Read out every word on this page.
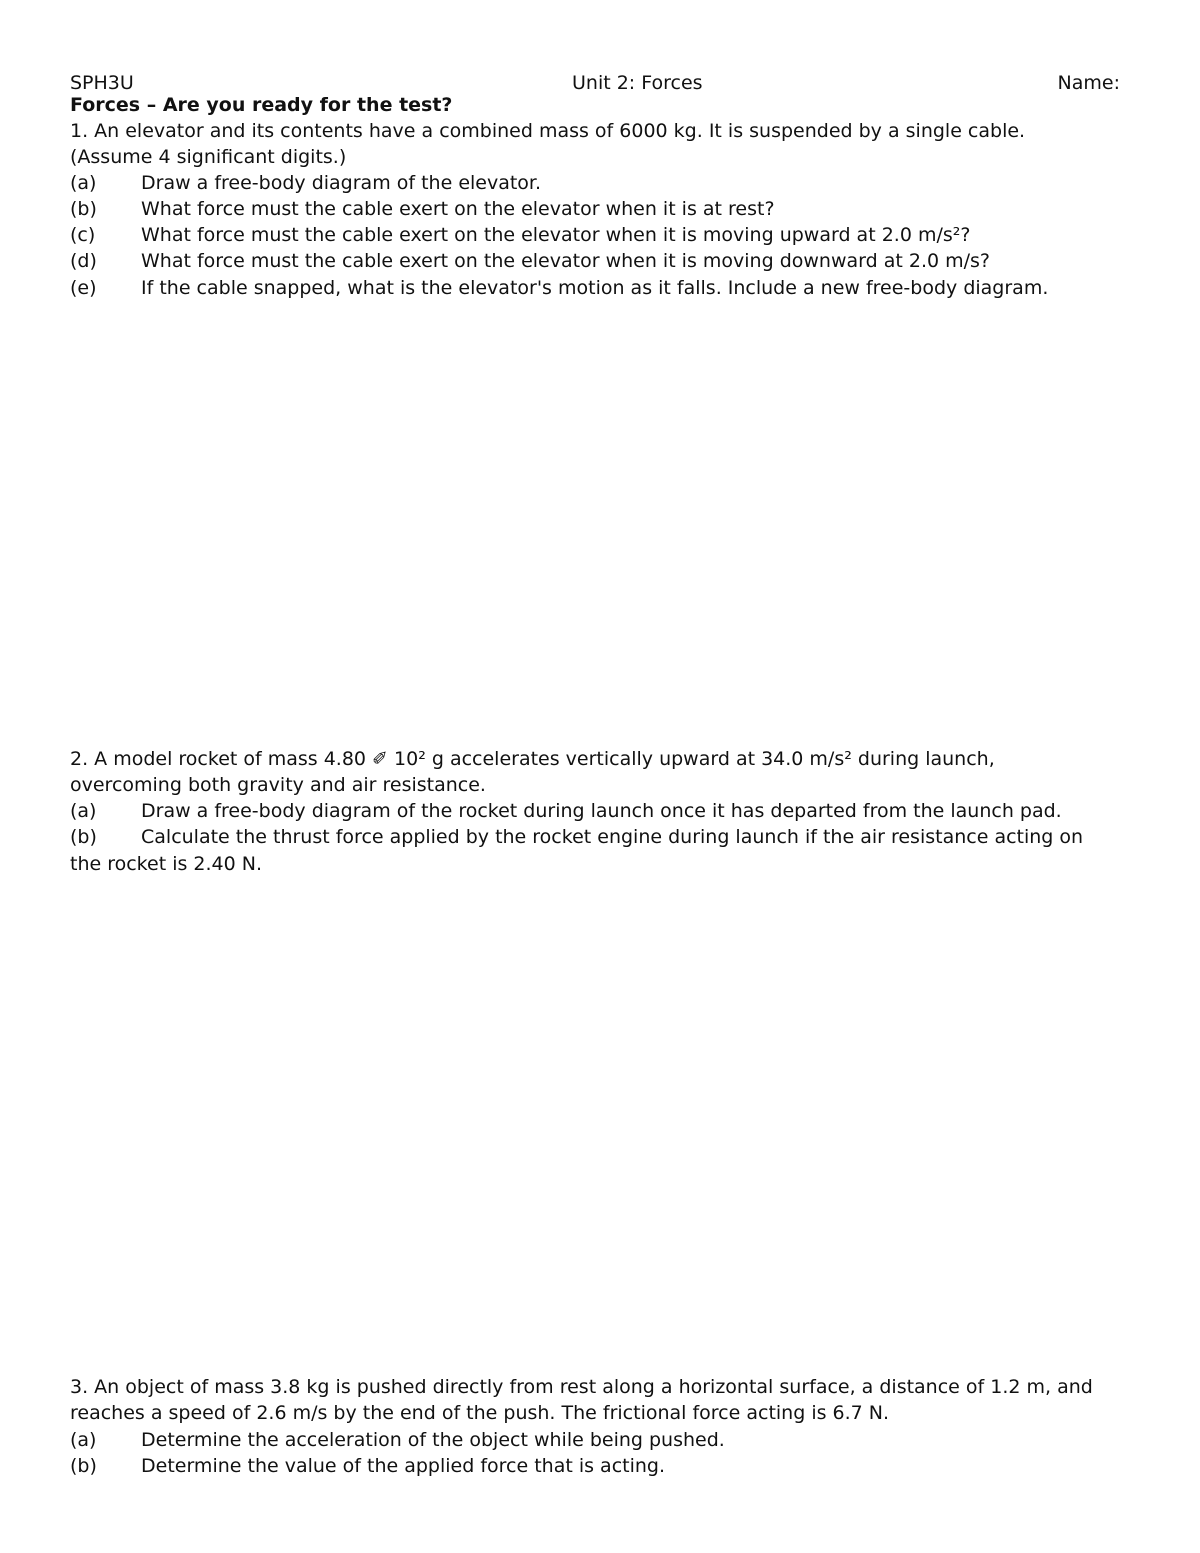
SPH3U	Unit 2: Forces	Name:
Forces – Are you ready for the test?
1. An elevator and its contents have a combined mass of 6000 kg. It is suspended by a single cable.
(Assume 4 significant digits.)
(a) Draw a free-body diagram of the elevator.
(b) What force must the cable exert on the elevator when it is at rest?
(c) What force must the cable exert on the elevator when it is moving upward at 2.0 m/s²?
(d) What force must the cable exert on the elevator when it is moving downward at 2.0 m/s?
(e) If the cable snapped, what is the elevator's motion as it falls. Include a new free-body diagram.
2. A model rocket of mass 4.80 ✐ 10² g accelerates vertically upward at 34.0 m/s² during launch,
overcoming both gravity and air resistance.
(a) Draw a free-body diagram of the rocket during launch once it has departed from the launch pad.
(b) Calculate the thrust force applied by the rocket engine during launch if the air resistance acting on
the rocket is 2.40 N.
3. An object of mass 3.8 kg is pushed directly from rest along a horizontal surface, a distance of 1.2 m, and
reaches a speed of 2.6 m/s by the end of the push. The frictional force acting is 6.7 N.
(a) Determine the acceleration of the object while being pushed.
(b) Determine the value of the applied force that is acting.
